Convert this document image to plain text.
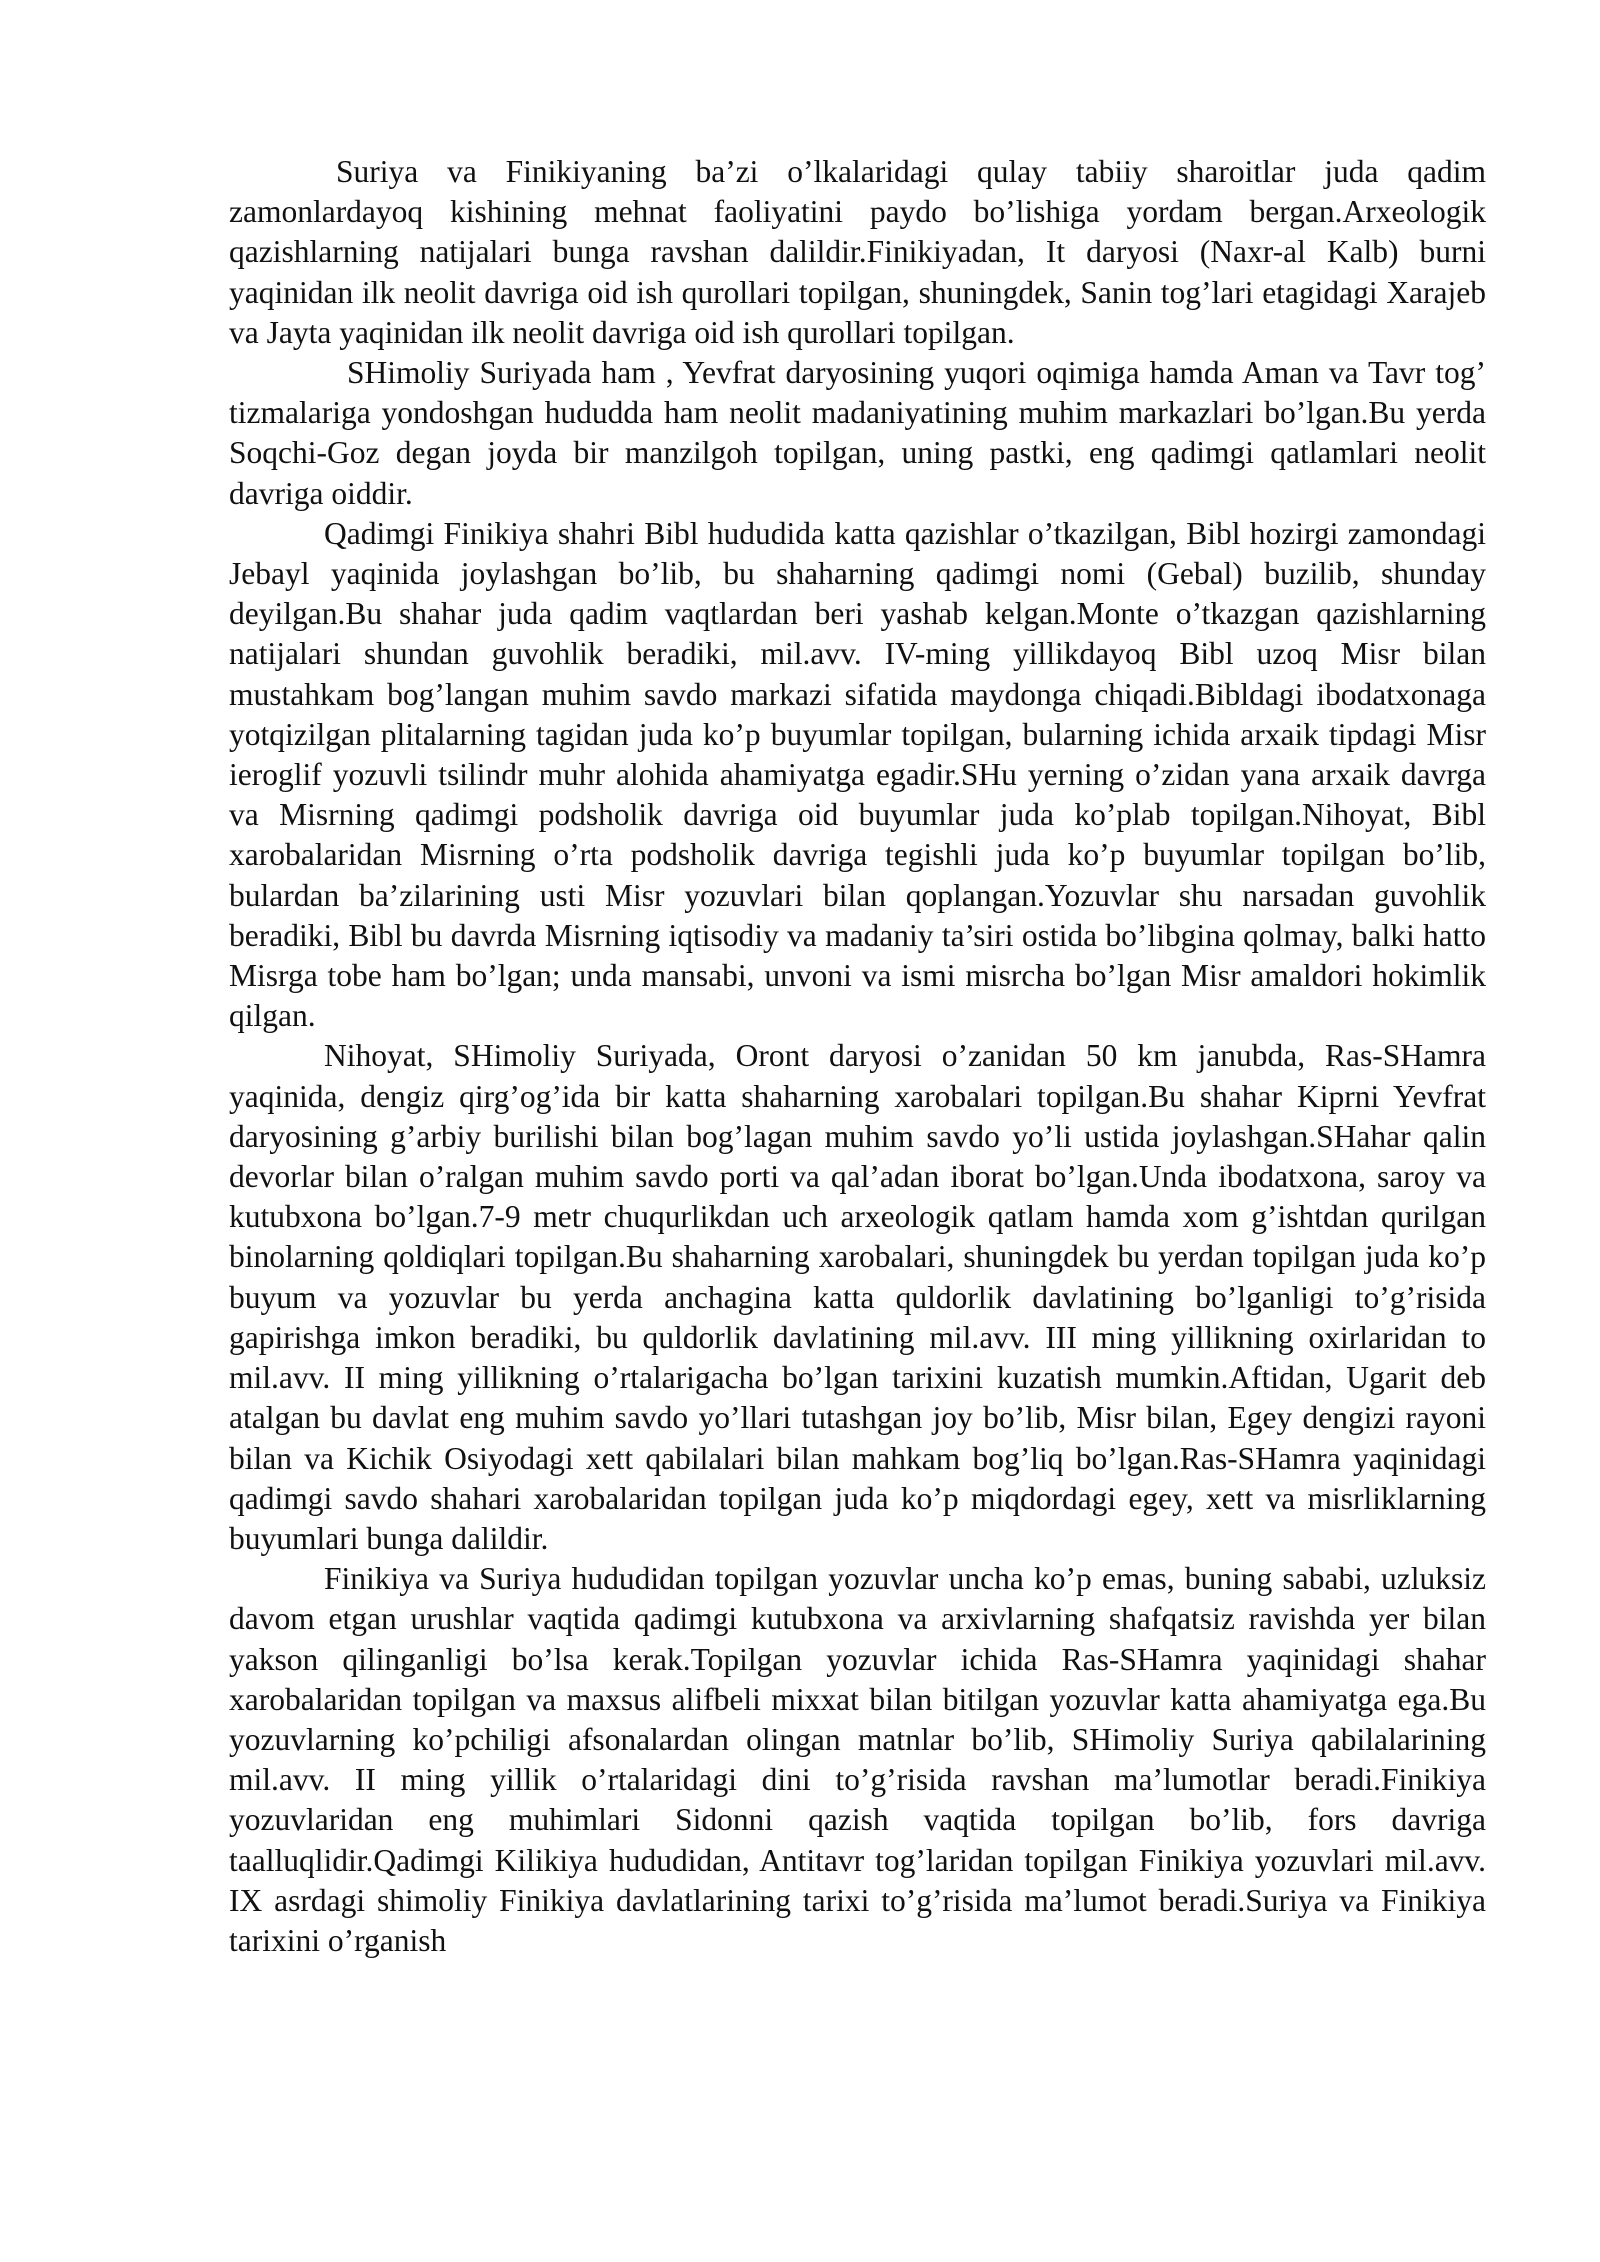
Suriya va Finikiyaning ba’zi o’lkalaridagi qulay tabiiy sharoitlar juda qadim zamonlardayoq kishining mehnat faoliyatini paydo bo’lishiga yordam bergan.Arxeologik qazishlarning natijalari bunga ravshan dalildir.Finikiyadan, It daryosi (Naxr-al Kalb) burni yaqinidan ilk neolit davriga oid ish qurollari topilgan, shuningdek, Sanin tog’lari etagidagi Xarajeb va Jayta yaqinidan ilk neolit davriga oid ish qurollari topilgan.

SHimoliy Suriyada ham , Yevfrat daryosining yuqori oqimiga hamda Aman va Tavr tog’ tizmalariga yondoshgan hududda ham neolit madaniyatining muhim markazlari bo’lgan.Bu yerda Soqchi-Goz degan joyda bir manzilgoh topilgan, uning pastki, eng qadimgi qatlamlari neolit davriga oiddir.

Qadimgi Finikiya shahri Bibl hududida katta qazishlar o’tkazilgan, Bibl hozirgi zamondagi Jebayl yaqinida joylashgan bo’lib, bu shaharning qadimgi nomi (Gebal) buzilib, shunday deyilgan.Bu shahar juda qadim vaqtlardan beri yashab kelgan.Monte o’tkazgan qazishlarning natijalari shundan guvohlik beradiki, mil.avv. IV-ming yillikdayoq Bibl uzoq Misr bilan mustahkam bog’langan muhim savdo markazi sifatida maydonga chiqadi.Bibldagi ibodatxonaga yotqizilgan plitalarning tagidan juda ko’p buyumlar topilgan, bularning ichida arxaik tipdagi Misr ieroglif yozuvli tsilindr muhr alohida ahamiyatga egadir.SHu yerning o’zidan yana arxaik davrga va Misrning qadimgi podsholik davriga oid buyumlar juda ko’plab topilgan.Nihoyat, Bibl xarobalaridan Misrning o’rta podsholik davriga tegishli juda ko’p buyumlar topilgan bo’lib, bulardan ba’zilarining usti Misr yozuvlari bilan qoplangan.Yozuvlar shu narsadan guvohlik beradiki, Bibl bu davrda Misrning iqtisodiy va madaniy ta’siri ostida bo’libgina qolmay, balki hatto Misrga tobe ham bo’lgan; unda mansabi, unvoni va ismi misrcha bo’lgan Misr amaldori hokimlik qilgan.

Nihoyat, SHimoliy Suriyada, Oront daryosi o’zanidan 50 km janubda, Ras-SHamra yaqinida, dengiz qirg’og’ida bir katta shaharning xarobalari topilgan.Bu shahar Kiprni Yevfrat daryosining g’arbiy burilishi bilan bog’lagan muhim savdo yo’li ustida joylashgan.SHahar qalin devorlar bilan o’ralgan muhim savdo porti va qal’adan iborat bo’lgan.Unda ibodatxona, saroy va kutubxona bo’lgan.7-9 metr chuqurlikdan uch arxeologik qatlam hamda xom g’ishtdan qurilgan binolarning qoldiqlari topilgan.Bu shaharning xarobalari, shuningdek bu yerdan topilgan juda ko’p buyum va yozuvlar bu yerda anchagina katta quldorlik davlatining bo’lganligi to’g’risida gapirishga imkon beradiki, bu quldorlik davlatining mil.avv. III ming yillikning oxirlaridan to mil.avv. II ming yillikning o’rtalarigacha bo’lgan tarixini kuzatish mumkin.Aftidan, Ugarit deb atalgan bu davlat eng muhim savdo yo’llari tutashgan joy bo’lib, Misr bilan, Egey dengizi rayoni bilan va Kichik Osiyodagi xett qabilalari bilan mahkam bog’liq bo’lgan.Ras-SHamra yaqinidagi qadimgi savdo shahari xarobalaridan topilgan juda ko’p miqdordagi egey, xett va misrliklarning buyumlari bunga dalildir.

Finikiya va Suriya hududidan topilgan yozuvlar uncha ko’p emas, buning sababi, uzluksiz davom etgan urushlar vaqtida qadimgi kutubxona va arxivlarning shafqatsiz ravishda yer bilan yakson qilinganligi bo’lsa kerak.Topilgan yozuvlar ichida Ras-SHamra yaqinidagi shahar xarobalaridan topilgan va maxsus alifbeli mixxat bilan bitilgan yozuvlar katta ahamiyatga ega.Bu yozuvlarning ko’pchiligi afsonalardan olingan matnlar bo’lib, SHimoliy Suriya qabilalarining mil.avv. II ming yillik o’rtalaridagi dini to’g’risida ravshan ma’lumotlar beradi.Finikiya yozuvlaridan eng muhimlari Sidonni qazish vaqtida topilgan bo’lib, fors davriga taalluqlidir.Qadimgi Kilikiya hududidan, Antitavr tog’laridan topilgan Finikiya yozuvlari mil.avv. IX asrdagi shimoliy Finikiya davlatlarining tarixi to’g’risida ma’lumot beradi.Suriya va Finikiya tarixini o’rganish
